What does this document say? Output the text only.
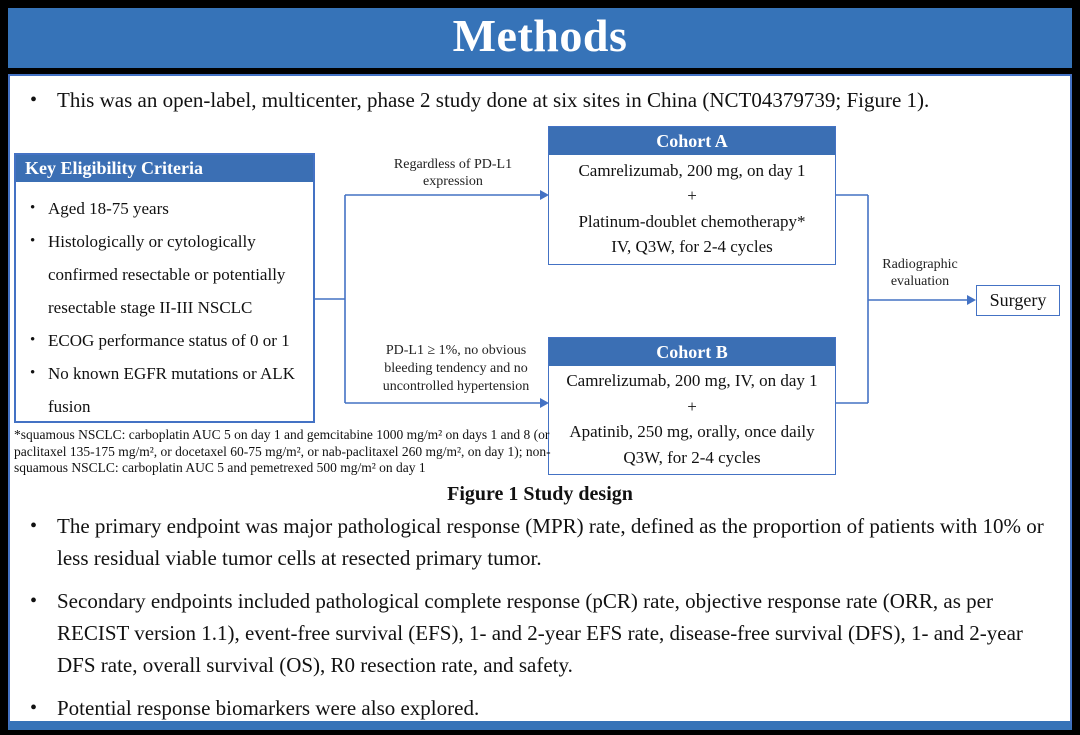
Methods
• This was an open-label, multicenter, phase 2 study done at six sites in China (NCT04379739; Figure 1).
Key Eligibility Criteria
• Aged 18-75 years
• Histologically or cytologically confirmed resectable or potentially resectable stage II-III NSCLC
• ECOG performance status of 0 or 1
• No known EGFR mutations or ALK fusion
Regardless of PD-L1
expression
PD-L1 ≥ 1%, no obvious
bleeding tendency and no
uncontrolled hypertension
Cohort A
Camrelizumab, 200 mg, on day 1
+
Platinum-doublet chemotherapy*
IV, Q3W, for 2-4 cycles
Cohort B
Camrelizumab, 200 mg, IV, on day 1
+
Apatinib, 250 mg, orally, once daily
Q3W, for 2-4 cycles
Radiographic
evaluation
Surgery
*squamous NSCLC: carboplatin AUC 5 on day 1 and gemcitabine 1000 mg/m² on days 1 and 8 (or paclitaxel 135-175 mg/m², or docetaxel 60-75 mg/m², or nab-paclitaxel 260 mg/m², on day 1); non-squamous NSCLC: carboplatin AUC 5 and pemetrexed 500 mg/m² on day 1
Figure 1 Study design
• The primary endpoint was major pathological response (MPR) rate, defined as the proportion of patients with 10% or less residual viable tumor cells at resected primary tumor.
• Secondary endpoints included pathological complete response (pCR) rate, objective response rate (ORR, as per RECIST version 1.1), event-free survival (EFS), 1- and 2-year EFS rate, disease-free survival (DFS), 1- and 2-year DFS rate, overall survival (OS), R0 resection rate, and safety.
• Potential response biomarkers were also explored.
